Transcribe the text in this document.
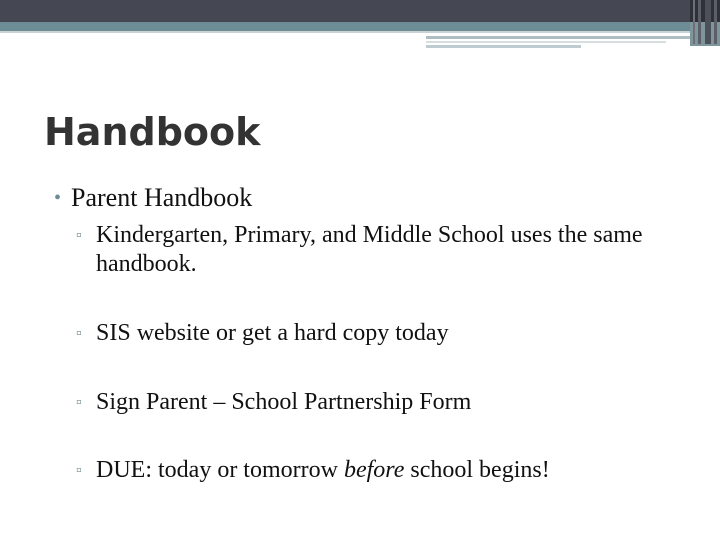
Handbook
• Parent Handbook
▫ Kindergarten, Primary, and Middle School uses the same handbook.
▫ SIS website or get a hard copy today
▫ Sign Parent – School Partnership Form
▫ DUE: today or tomorrow before school begins!
